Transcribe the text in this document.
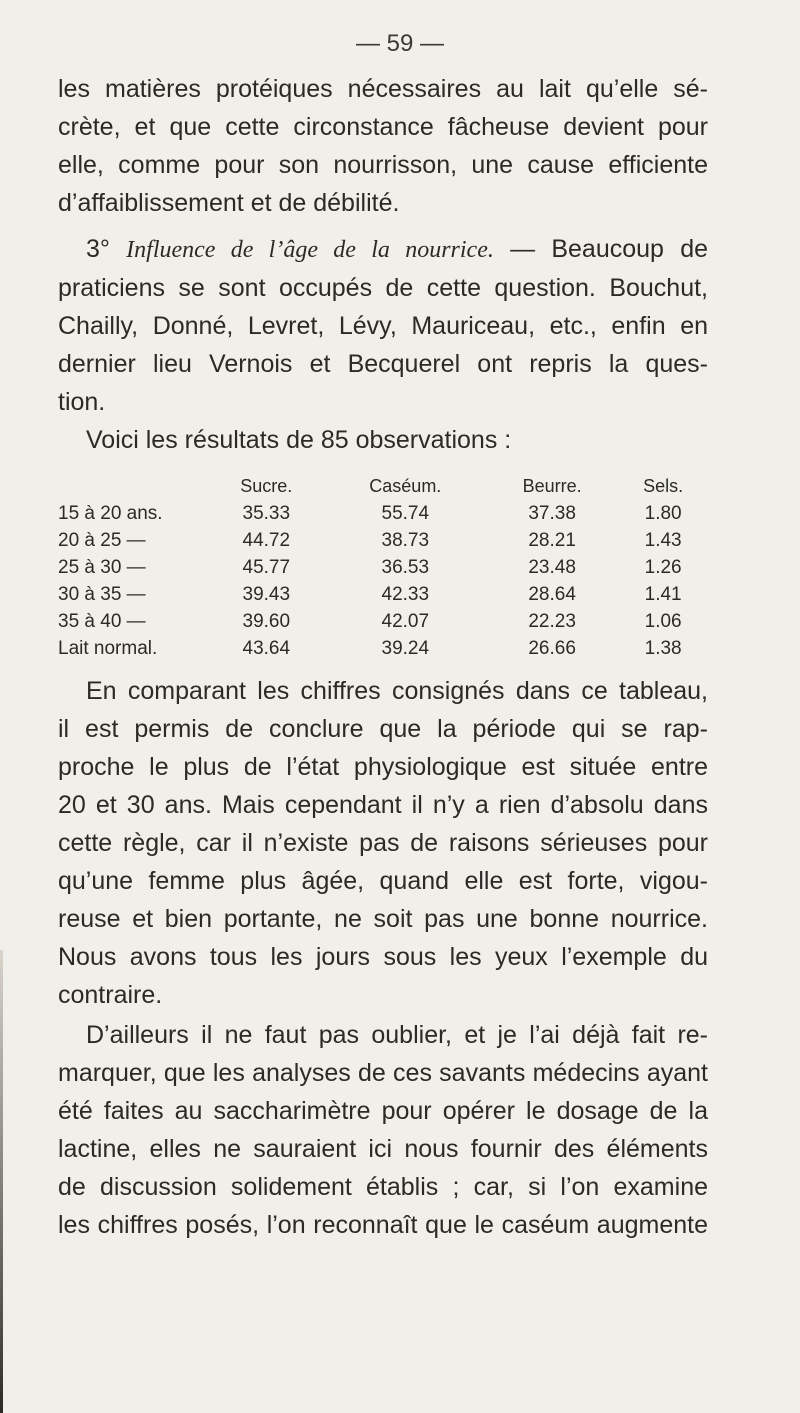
— 59 —

les matières protéiques nécessaires au lait qu’elle sé-
crète, et que cette circonstance fâcheuse devient pour
elle, comme pour son nourrisson, une cause efficiente
d’affaiblissement et de débilité.

3° Influence de l’âge de la nourrice. — Beaucoup de
praticiens se sont occupés de cette question. Bouchut,
Chailly, Donné, Levret, Lévy, Mauriceau, etc., enfin en
dernier lieu Vernois et Becquerel ont repris la ques-
tion.
Voici les résultats de 85 observations :

	Sucre.	Caséum.	Beurre.	Sels.
15 à 20 ans.	35.33	55.74	37.38	1.80
20 à 25 —	44.72	38.73	28.21	1.43
25 à 30 —	45.77	36.53	23.48	1.26
30 à 35 —	39.43	42.33	28.64	1.41
35 à 40 —	39.60	42.07	22.23	1.06
Lait normal.	43.64	39.24	26.66	1.38

En comparant les chiffres consignés dans ce tableau,
il est permis de conclure que la période qui se rap-
proche le plus de l’état physiologique est située entre
20 et 30 ans. Mais cependant il n’y a rien d’absolu dans
cette règle, car il n’existe pas de raisons sérieuses pour
qu’une femme plus âgée, quand elle est forte, vigou-
reuse et bien portante, ne soit pas une bonne nourrice.
Nous avons tous les jours sous les yeux l’exemple du
contraire.

D’ailleurs il ne faut pas oublier, et je l’ai déjà fait re-
marquer, que les analyses de ces savants médecins ayant
été faites au saccharimètre pour opérer le dosage de la
lactine, elles ne sauraient ici nous fournir des éléments
de discussion solidement établis ; car, si l’on examine
les chiffres posés, l’on reconnaît que le caséum augmente
